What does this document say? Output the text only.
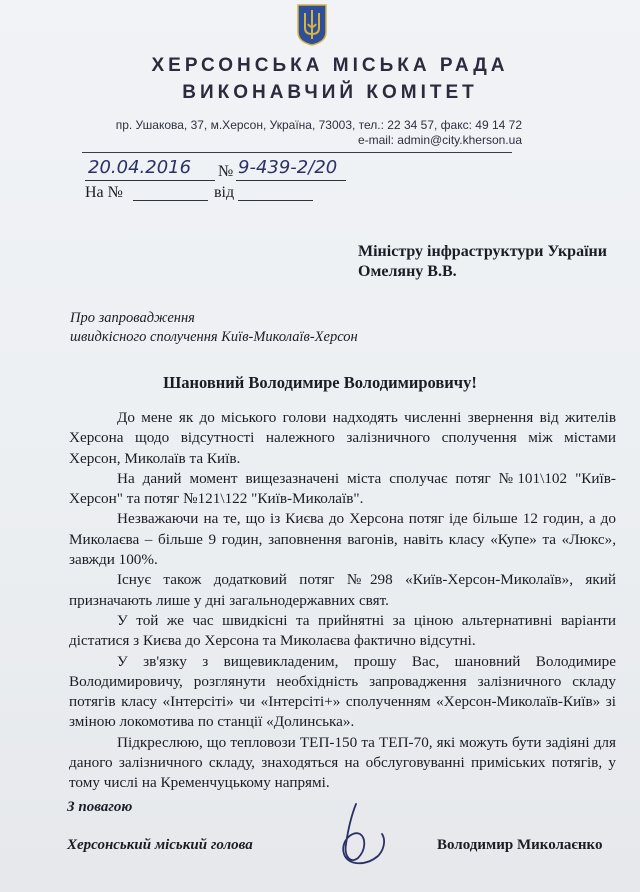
ХЕРСОНСЬКА МІСЬКА РАДА
ВИКОНАВЧИЙ КОМІТЕТ
пр. Ушакова, 37, м.Херсон, Україна, 73003, тел.: 22 34 57, факс: 49 14 72
e-mail: admin@city.kherson.ua
20.04.2016 № 9-439-2/20
На №	від
Міністру інфраструктури України
Омеляну В.В.
Про запровадження
швидкісного сполучення Київ-Миколаїв-Херсон
Шановний Володимире Володимировичу!

До мене як до міського голови надходять численні звернення від жителів Херсона щодо відсутності належного залізничного сполучення між містами Херсон, Миколаїв та Київ.

На даний момент вищезазначені міста сполучає потяг №101\102 "Київ-Херсон" та потяг №121\122 "Київ-Миколаїв".

Незважаючи на те, що із Києва до Херсона потяг іде більше 12 годин, а до Миколаєва – більше 9 годин, заповнення вагонів, навіть класу «Купе» та «Люкс», завжди 100%.

Існує також додатковий потяг №298 «Київ-Херсон-Миколаїв», який призначають лише у дні загальнодержавних свят.

У той же час швидкісні та прийнятні за ціною альтернативні варіанти дістатися з Києва до Херсона та Миколаєва фактично відсутні.

У зв'язку з вищевикладеним, прошу Вас, шановний Володимире Володимировичу, розглянути необхідність запровадження залізничного складу потягів класу «Інтерсіті» чи «Інтерсіті+» сполученням «Херсон-Миколаїв-Київ» зі зміною локомотива по станції «Долинська».

Підкреслюю, що тепловози ТЕП-150 та ТЕП-70, які можуть бути задіяні для даного залізничного складу, знаходяться на обслуговуванні приміських потягів, у тому числі на Кременчуцькому напрямі.

З повагою
Херсонський міський голова	Володимир Миколаєнко
